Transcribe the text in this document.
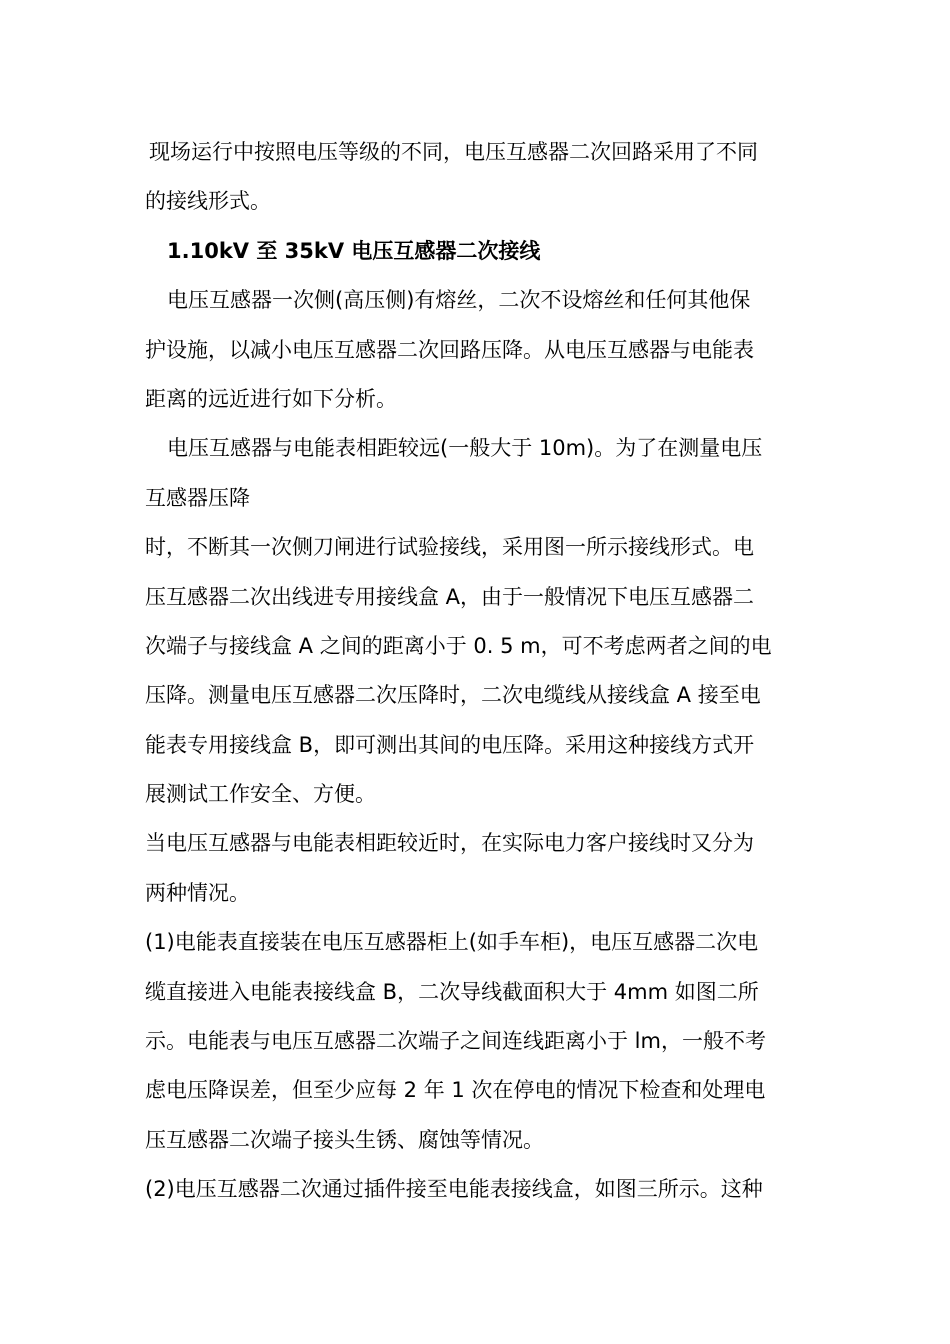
现场运行中按照电压等级的不同，电压互感器二次回路采用了不同
的接线形式。
1.10kV 至 35kV 电压互感器二次接线
电压互感器一次侧(高压侧)有熔丝，二次不设熔丝和任何其他保
护设施，以减小电压互感器二次回路压降。从电压互感器与电能表
距离的远近进行如下分析。
电压互感器与电能表相距较远(一般大于 10m)。为了在测量电压
互感器压降
时，不断其一次侧刀闸进行试验接线，采用图一所示接线形式。电
压互感器二次出线进专用接线盒 A，由于一般情况下电压互感器二
次端子与接线盒 A 之间的距离小于 0. 5 m，可不考虑两者之间的电
压降。测量电压互感器二次压降时，二次电缆线从接线盒 A 接至电
能表专用接线盒 B，即可测出其间的电压降。采用这种接线方式开
展测试工作安全、方便。
当电压互感器与电能表相距较近时，在实际电力客户接线时又分为
两种情况。
(1)电能表直接装在电压互感器柜上(如手车柜)，电压互感器二次电
缆直接进入电能表接线盒 B，二次导线截面积大于 4mm 如图二所
示。电能表与电压互感器二次端子之间连线距离小于 lm，一般不考
虑电压降误差，但至少应每 2 年 1 次在停电的情况下检查和处理电
压互感器二次端子接头生锈、腐蚀等情况。
(2)电压互感器二次通过插件接至电能表接线盒，如图三所示。这种
